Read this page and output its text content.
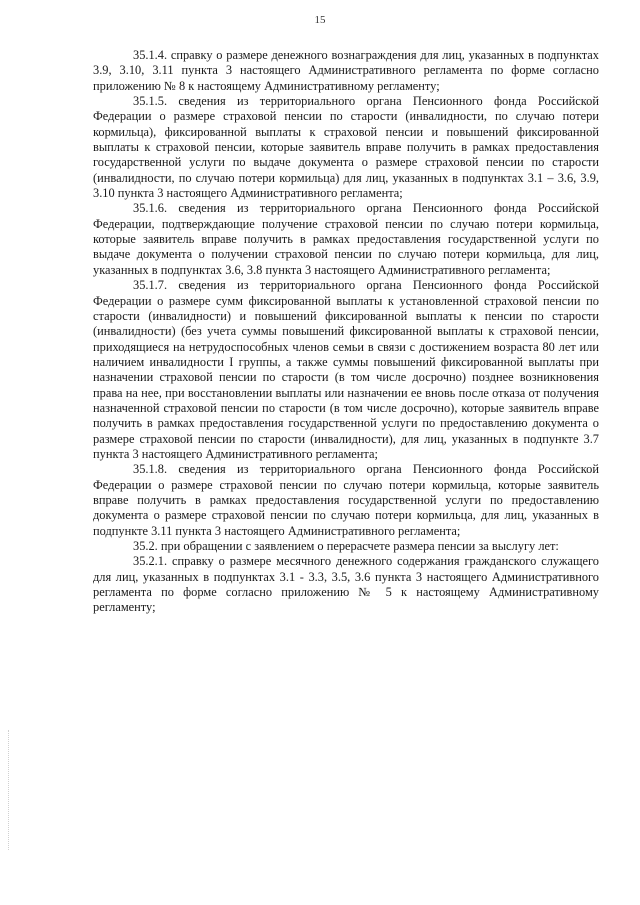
15

35.1.4. справку о размере денежного вознаграждения для лиц, указанных в подпунктах 3.9, 3.10, 3.11 пункта 3 настоящего Административного регламента по форме согласно приложению № 8 к настоящему Административному регламенту;

35.1.5. сведения из территориального органа Пенсионного фонда Российской Федерации о размере страховой пенсии по старости (инвалидности, по случаю потери кормильца), фиксированной выплаты к страховой пенсии и повышений фиксированной выплаты к страховой пенсии, которые заявитель вправе получить в рамках предоставления государственной услуги по выдаче документа о размере страховой пенсии по старости (инвалидности, по случаю потери кормильца) для лиц, указанных в подпунктах 3.1 – 3.6, 3.9, 3.10 пункта 3 настоящего Административного регламента;

35.1.6. сведения из территориального органа Пенсионного фонда Российской Федерации, подтверждающие получение страховой пенсии по случаю потери кормильца, которые заявитель вправе получить в рамках предоставления государственной услуги по выдаче документа о получении страховой пенсии по случаю потери кормильца, для лиц, указанных в подпунктах 3.6, 3.8 пункта 3 настоящего Административного регламента;

35.1.7. сведения из территориального органа Пенсионного фонда Российской Федерации о размере сумм фиксированной выплаты к установленной страховой пенсии по старости (инвалидности) и повышений фиксированной выплаты к пенсии по старости (инвалидности) (без учета суммы повышений фиксированной выплаты к страховой пенсии, приходящиеся на нетрудоспособных членов семьи в связи с достижением возраста 80 лет или наличием инвалидности I группы, а также суммы повышений фиксированной выплаты при назначении страховой пенсии по старости (в том числе досрочно) позднее возникновения права на нее, при восстановлении выплаты или назначении ее вновь после отказа от получения назначенной страховой пенсии по старости (в том числе досрочно), которые заявитель вправе получить в рамках предоставления государственной услуги по предоставлению документа о размере страховой пенсии по старости (инвалидности), для лиц, указанных в подпункте 3.7 пункта 3 настоящего Административного регламента;

35.1.8. сведения из территориального органа Пенсионного фонда Российской Федерации о размере страховой пенсии по случаю потери кормильца, которые заявитель вправе получить в рамках предоставления государственной услуги по предоставлению документа о размере страховой пенсии по случаю потери кормильца, для лиц, указанных в подпункте 3.11 пункта 3 настоящего Административного регламента;

35.2. при обращении с заявлением о перерасчете размера пенсии за выслугу лет:

35.2.1. справку о размере месячного денежного содержания гражданского служащего для лиц, указанных в подпунктах 3.1 - 3.3, 3.5, 3.6 пункта 3 настоящего Административного регламента по форме согласно приложению № 5 к настоящему Административному регламенту;
